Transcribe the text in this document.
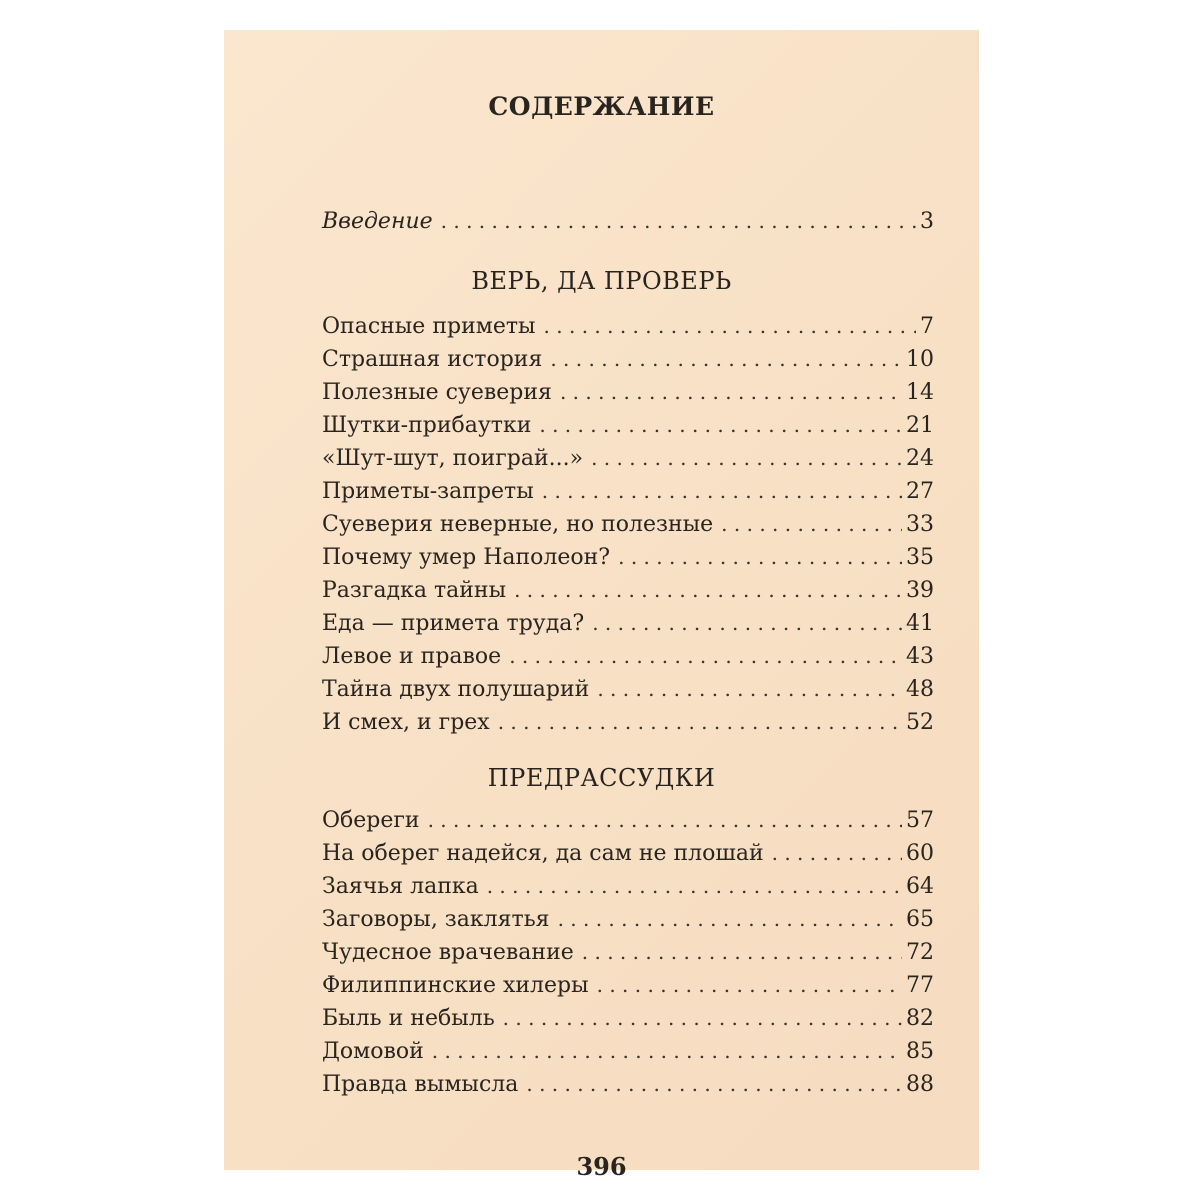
СОДЕРЖАНИЕ
Введение . . .	3
ВЕРЬ, ДА ПРОВЕРЬ
Опасные приметы . . .	7
Страшная история . . .	10
Полезные суеверия . . .	14
Шутки-прибаутки . . .	21
«Шут-шут, поиграй...» . . .	24
Приметы-запреты . . .	27
Суеверия неверные, но полезные . . .	33
Почему умер Наполеон? . . .	35
Разгадка тайны . . .	39
Еда — примета труда? . . .	41
Левое и правое . . .	43
Тайна двух полушарий . . .	48
И смех, и грех . . .	52
ПРЕДРАССУДКИ
Обереги . . .	57
На оберег надейся, да сам не плошай . . .	60
Заячья лапка . . .	64
Заговоры, заклятья . . .	65
Чудесное врачевание . . .	72
Филиппинские хилеры . . .	77
Быль и небыль . . .	82
Домовой . . .	85
Правда вымысла . . .	88
396
